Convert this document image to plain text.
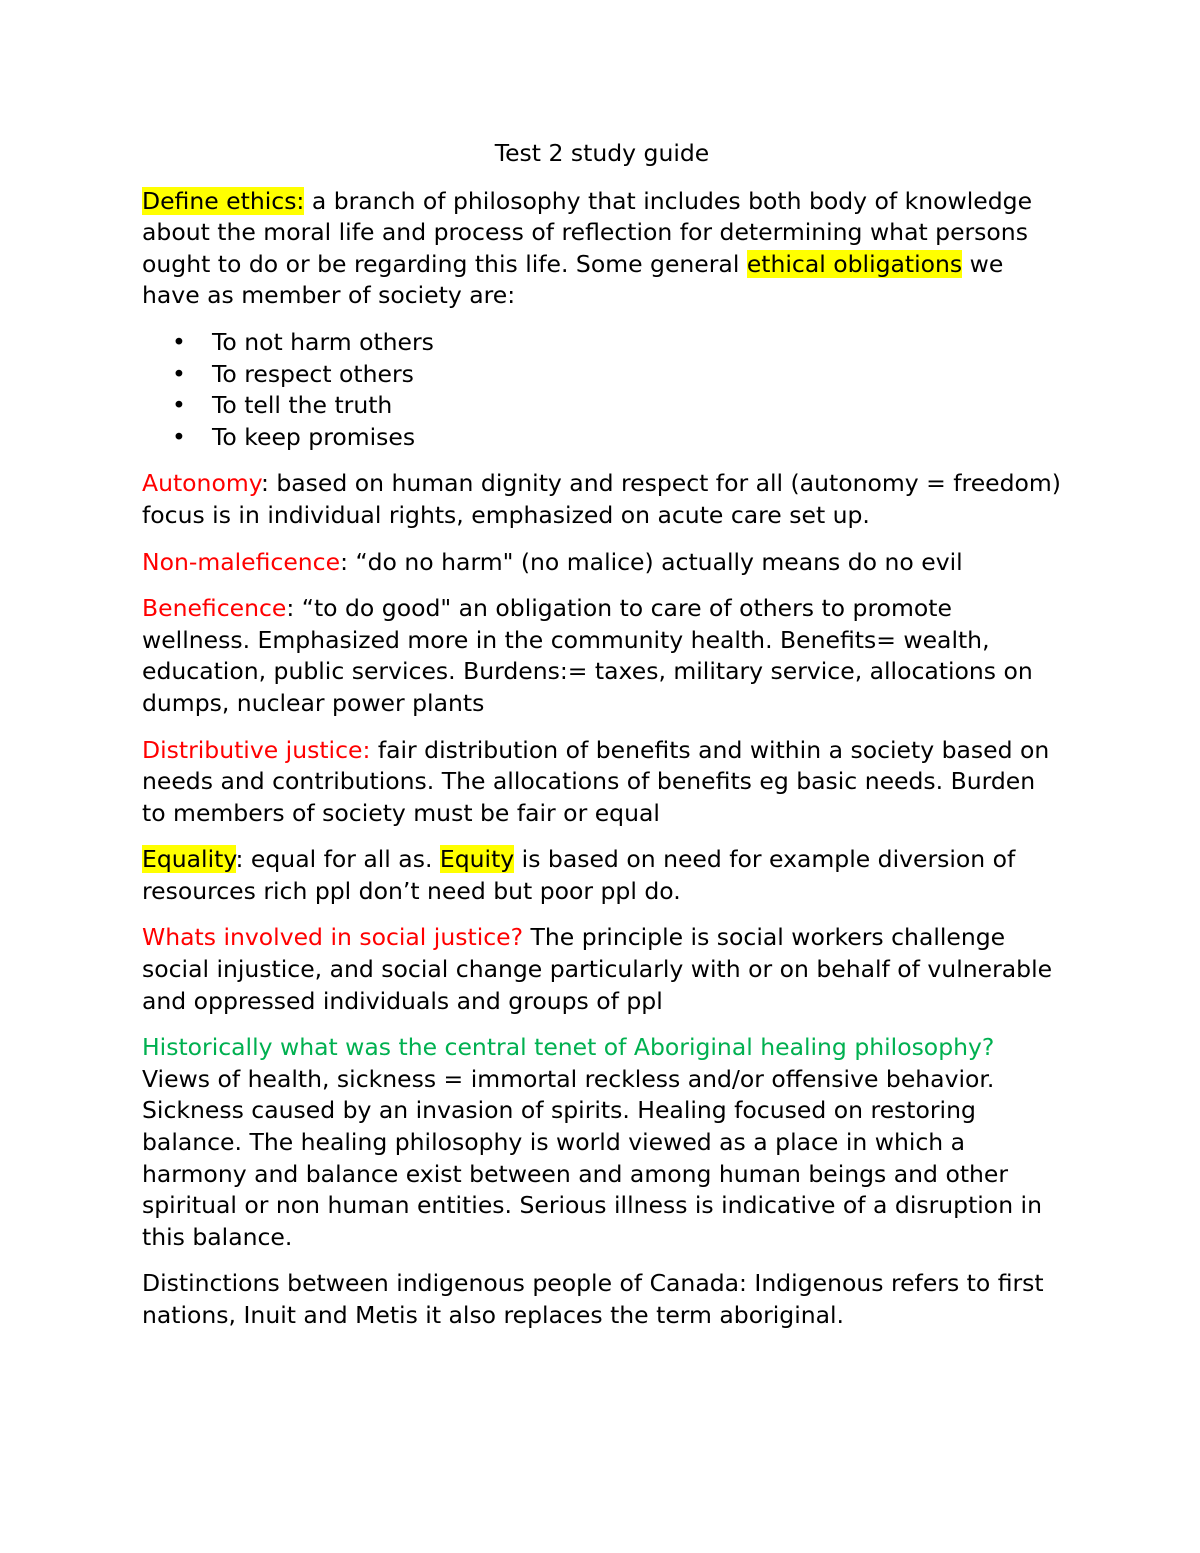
Test 2 study guide

Define ethics: a branch of philosophy that includes both body of knowledge about the moral life and process of reflection for determining what persons ought to do or be regarding this life. Some general ethical obligations we have as member of society are:

• To not harm others
• To respect others
• To tell the truth
• To keep promises

Autonomy: based on human dignity and respect for all (autonomy = freedom) focus is in individual rights, emphasized on acute care set up.

Non-maleficence: “do no harm" (no malice) actually means do no evil

Beneficence: “to do good" an obligation to care of others to promote wellness. Emphasized more in the community health. Benefits= wealth, education, public services. Burdens:= taxes, military service, allocations on dumps, nuclear power plants

Distributive justice: fair distribution of benefits and within a society based on needs and contributions. The allocations of benefits eg basic needs. Burden to members of society must be fair or equal

Equality: equal for all as. Equity is based on need for example diversion of resources rich ppl don’t need but poor ppl do.

Whats involved in social justice? The principle is social workers challenge social injustice, and social change particularly with or on behalf of vulnerable and oppressed individuals and groups of ppl

Historically what was the central tenet of Aboriginal healing philosophy?
Views of health, sickness = immortal reckless and/or offensive behavior. Sickness caused by an invasion of spirits. Healing focused on restoring balance. The healing philosophy is world viewed as a place in which a harmony and balance exist between and among human beings and other spiritual or non human entities. Serious illness is indicative of a disruption in this balance.

Distinctions between indigenous people of Canada: Indigenous refers to first nations, Inuit and Metis it also replaces the term aboriginal.
